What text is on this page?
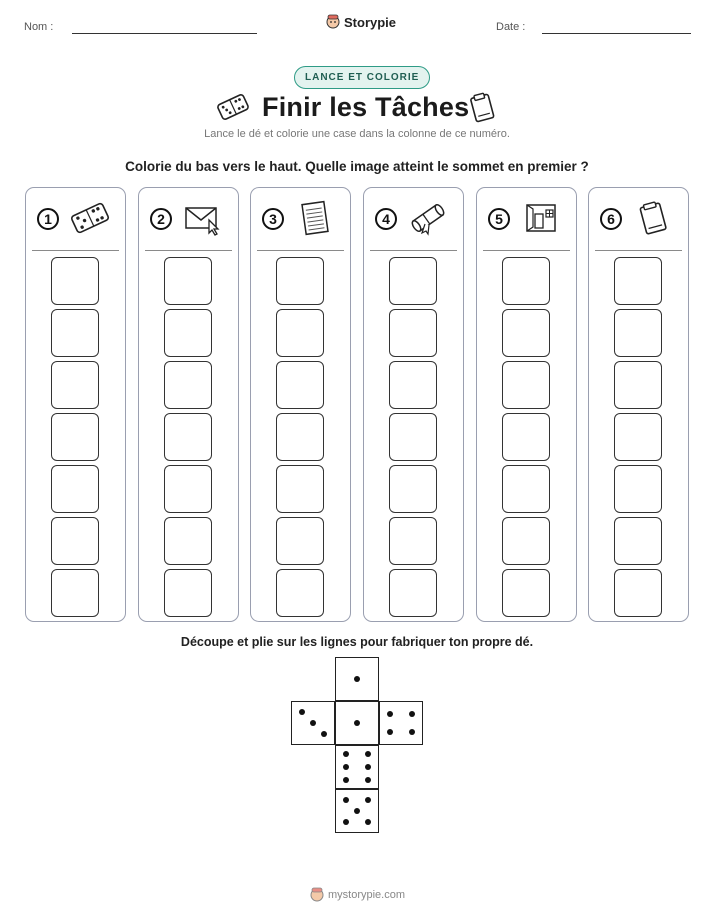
Nom :	Storypie	Date :
LANCE ET COLORIE
Finir les Tâches
Lance le dé et colorie une case dans la colonne de ce numéro.
Colorie du bas vers le haut. Quelle image atteint le sommet en premier ?
1	2	3	4	5	6
Découpe et plie sur les lignes pour fabriquer ton propre dé.
mystorypie.com
